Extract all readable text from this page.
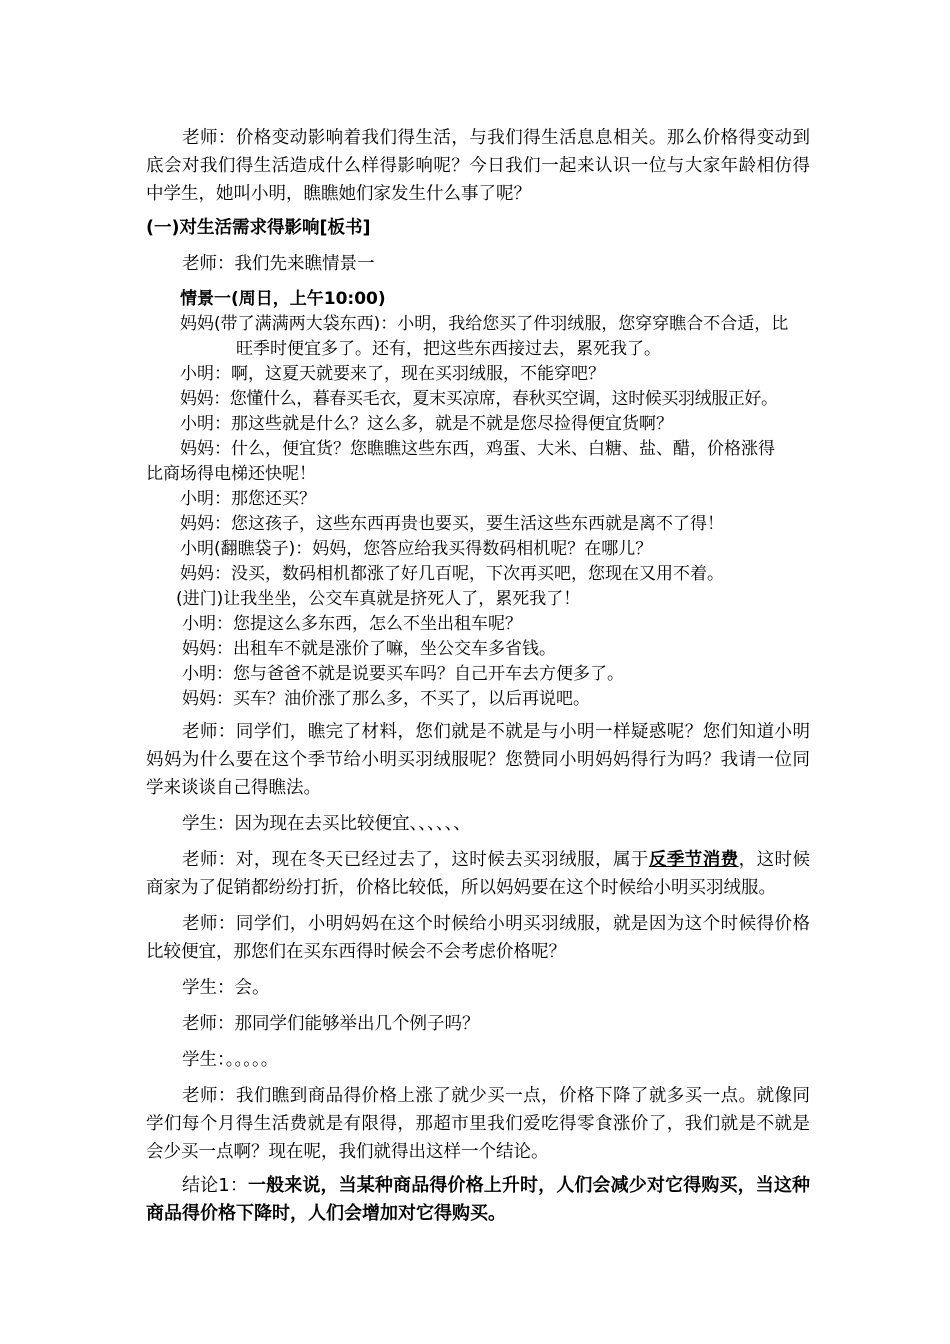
老师：价格变动影响着我们得生活，与我们得生活息息相关。那么价格得变动到底会对我们得生活造成什么样得影响呢？今日我们一起来认识一位与大家年龄相仿得中学生，她叫小明，瞧瞧她们家发生什么事了呢？
(一)对生活需求得影响[板书]
老师：我们先来瞧情景一
情景一(周日，上午10:00)
妈妈(带了满满两大袋东西)：小明，我给您买了件羽绒服，您穿穿瞧合不合适，比
旺季时便宜多了。还有，把这些东西接过去，累死我了。
小明：啊，这夏天就要来了，现在买羽绒服，不能穿吧？
妈妈：您懂什么，暮春买毛衣，夏末买凉席，春秋买空调，这时候买羽绒服正好。
小明：那这些就是什么？这么多，就是不就是您尽捡得便宜货啊？
妈妈：什么，便宜货？您瞧瞧这些东西，鸡蛋、大米、白糖、盐、醋，价格涨得
比商场得电梯还快呢！
小明：那您还买？
妈妈：您这孩子，这些东西再贵也要买，要生活这些东西就是离不了得！
小明(翻瞧袋子)：妈妈，您答应给我买得数码相机呢？在哪儿？
妈妈：没买，数码相机都涨了好几百呢，下次再买吧，您现在又用不着。
(进门)让我坐坐，公交车真就是挤死人了，累死我了！
小明：您提这么多东西，怎么不坐出租车呢？
妈妈：出租车不就是涨价了嘛，坐公交车多省钱。
小明：您与爸爸不就是说要买车吗？自己开车去方便多了。
妈妈：买车？油价涨了那么多，不买了，以后再说吧。
老师：同学们，瞧完了材料，您们就是不就是与小明一样疑惑呢？您们知道小明妈妈为什么要在这个季节给小明买羽绒服呢？您赞同小明妈妈得行为吗？我请一位同学来谈谈自己得瞧法。
学生：因为现在去买比较便宜、、、、、、
老师：对，现在冬天已经过去了，这时候去买羽绒服，属于反季节消费，这时候商家为了促销都纷纷打折，价格比较低，所以妈妈要在这个时候给小明买羽绒服。
老师：同学们，小明妈妈在这个时候给小明买羽绒服，就是因为这个时候得价格比较便宜，那您们在买东西得时候会不会考虑价格呢？
学生：会。
老师：那同学们能够举出几个例子吗？
学生：。。。。。
老师：我们瞧到商品得价格上涨了就少买一点，价格下降了就多买一点。就像同学们每个月得生活费就是有限得，那超市里我们爱吃得零食涨价了，我们就是不就是会少买一点啊？现在呢，我们就得出这样一个结论。
结论1：一般来说，当某种商品得价格上升时，人们会减少对它得购买，当这种商品得价格下降时，人们会增加对它得购买。
